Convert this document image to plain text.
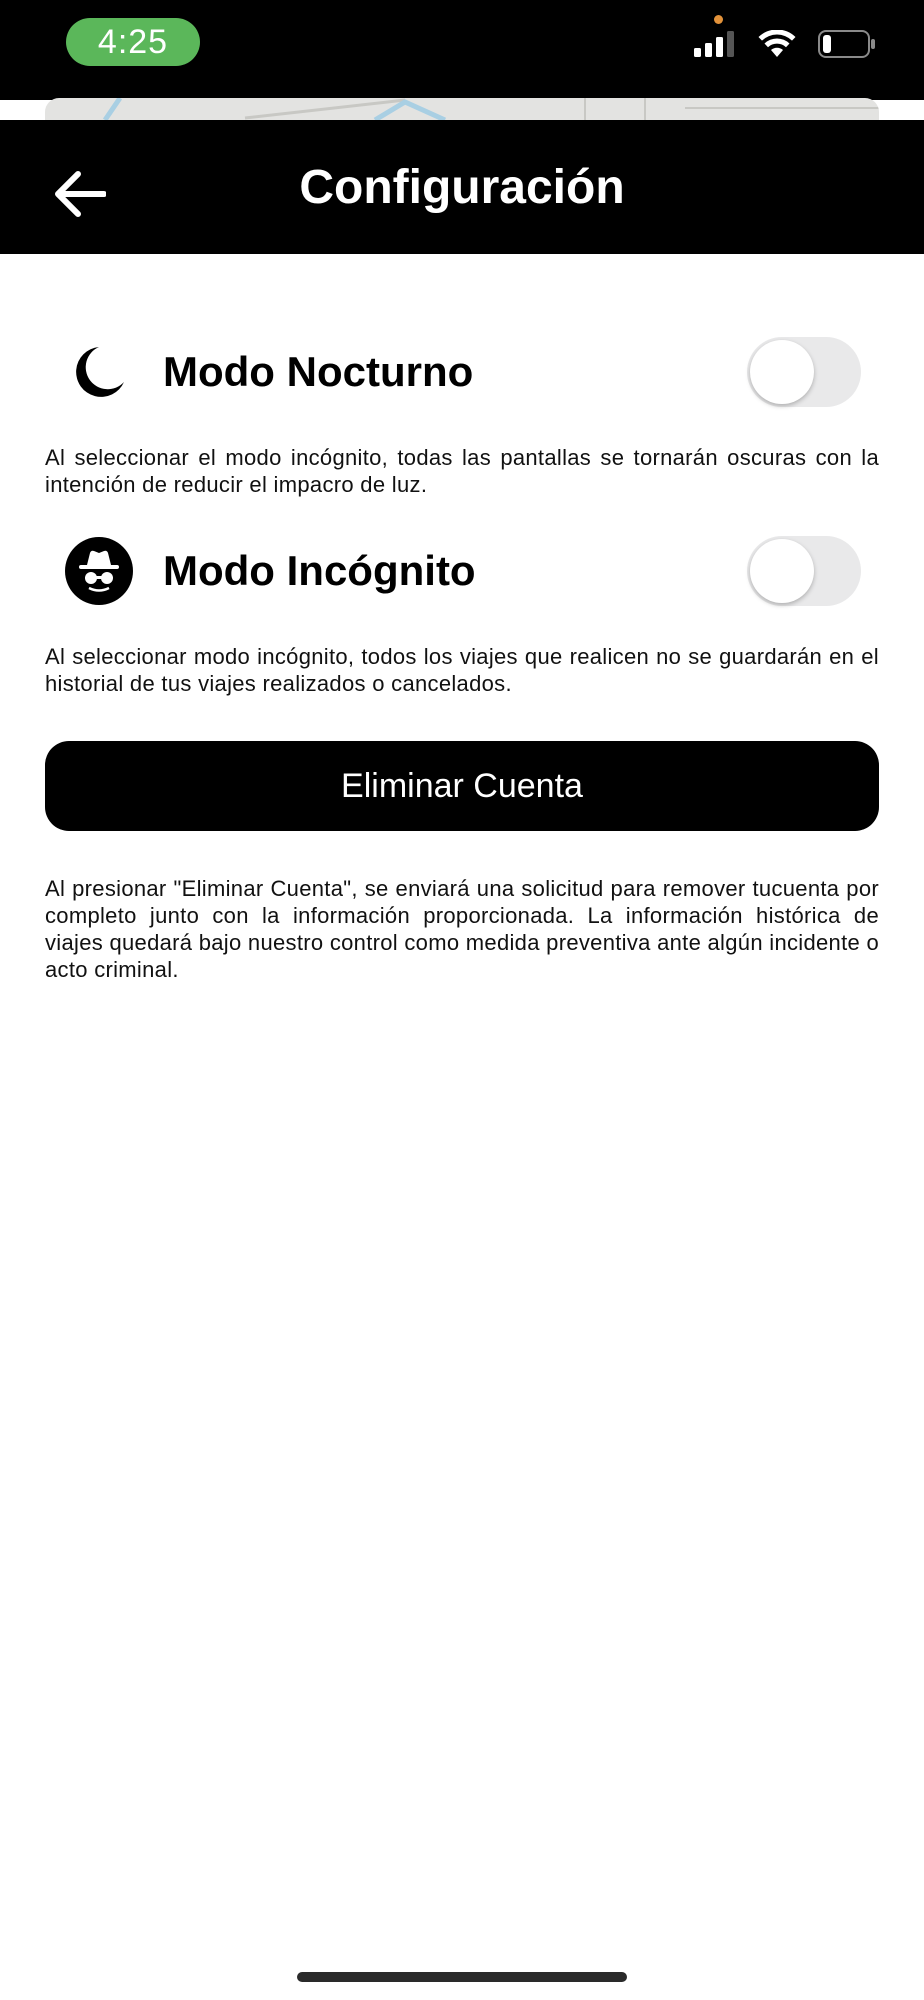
4:25
Configuración
Modo Nocturno
Al seleccionar el modo incógnito, todas las pantallas se tornarán oscuras con la intención de reducir el impacro de luz.
Modo Incógnito
Al seleccionar modo incógnito, todos los viajes que realicen no se guardarán en el historial de tus viajes realizados o cancelados.
Eliminar Cuenta
Al presionar "Eliminar Cuenta", se enviará una solicitud para remover tucuenta por completo junto con la información proporcionada. La información histórica de viajes quedará bajo nuestro control como medida preventiva ante algún incidente o acto criminal.
